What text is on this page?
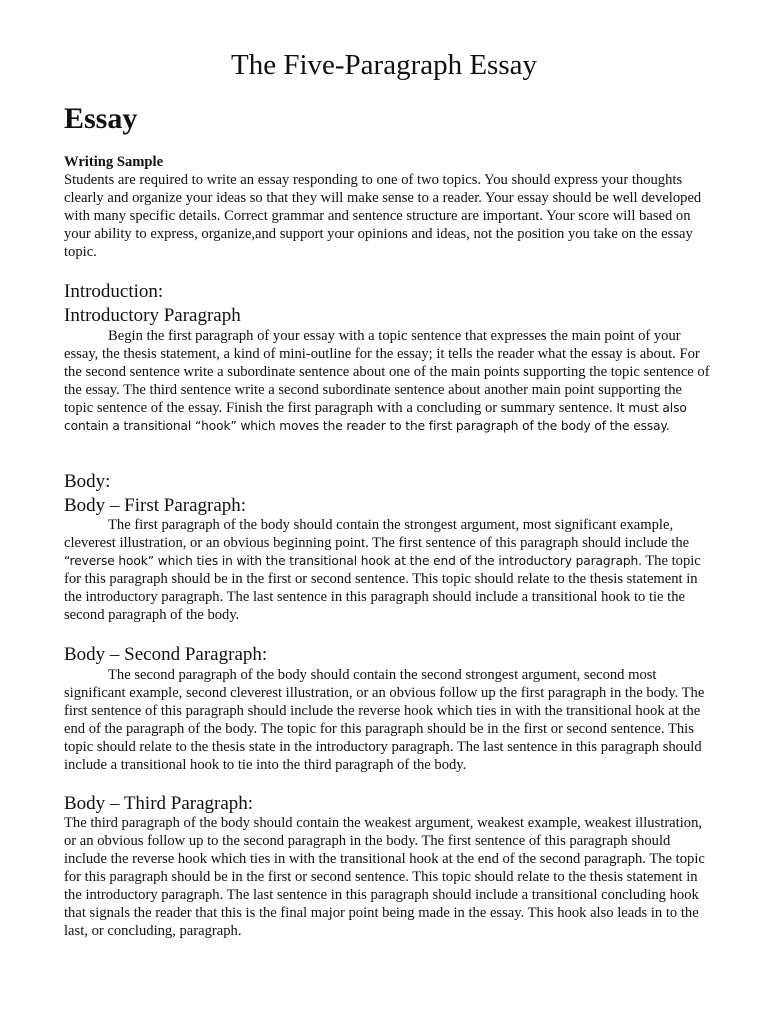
The Five-Paragraph Essay
Essay
Writing Sample

Students are required to write an essay responding to one of two topics. You should express your thoughts clearly and organize your ideas so that they will make sense to a reader. Your essay should be well developed with many specific details. Correct grammar and sentence structure are important. Your score will based on your ability to express, organize,and support your opinions and ideas, not the position you take on the essay topic.

Introduction:
Introductory Paragraph

Begin the first paragraph of your essay with a topic sentence that expresses the main point of your essay, the thesis statement, a kind of mini-outline for the essay; it tells the reader what the essay is about. For the second sentence write a subordinate sentence about one of the main points supporting the topic sentence of the essay. The third sentence write a second subordinate sentence about another main point supporting the topic sentence of the essay. Finish the first paragraph with a concluding or summary sentence. It must also contain a transitional “hook” which moves the reader to the first paragraph of the body of the essay.

Body:
Body – First Paragraph:

The first paragraph of the body should contain the strongest argument, most significant example, cleverest illustration, or an obvious beginning point. The first sentence of this paragraph should include the “reverse hook” which ties in with the transitional hook at the end of the introductory paragraph. The topic for this paragraph should be in the first or second sentence. This topic should relate to the thesis statement in the introductory paragraph. The last sentence in this paragraph should include a transitional hook to tie the second paragraph of the body.

Body – Second Paragraph:

The second paragraph of the body should contain the second strongest argument, second most significant example, second cleverest illustration, or an obvious follow up the first paragraph in the body. The first sentence of this paragraph should include the reverse hook which ties in with the transitional hook at the end of the paragraph of the body. The topic for this paragraph should be in the first or second sentence. This topic should relate to the thesis state in the introductory paragraph. The last sentence in this paragraph should include a transitional hook to tie into the third paragraph of the body.

Body – Third Paragraph:

The third paragraph of the body should contain the weakest argument, weakest example, weakest illustration, or an obvious follow up to the second paragraph in the body. The first sentence of this paragraph should include the reverse hook which ties in with the transitional hook at the end of the second paragraph. The topic for this paragraph should be in the first or second sentence. This topic should relate to the thesis statement in the introductory paragraph. The last sentence in this paragraph should include a transitional concluding hook that signals the reader that this is the final major point being made in the essay. This hook also leads in to the last, or concluding, paragraph.
